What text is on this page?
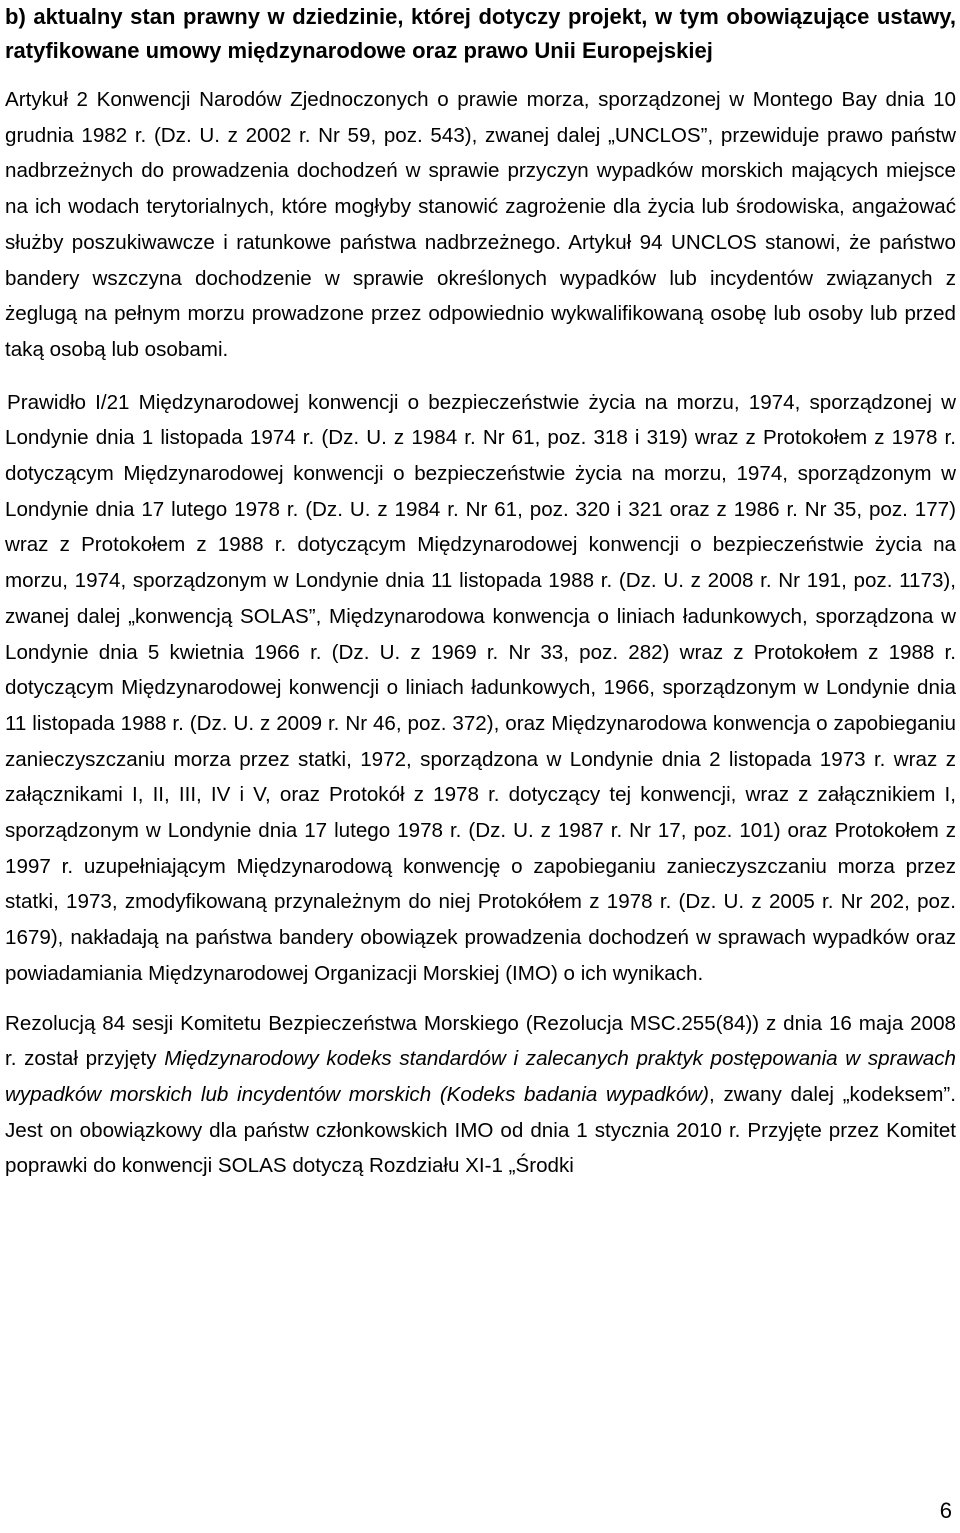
b) aktualny stan prawny w dziedzinie, której dotyczy projekt, w tym obowiązujące ustawy, ratyfikowane umowy międzynarodowe oraz prawo Unii Europejskiej

Artykuł 2 Konwencji Narodów Zjednoczonych o prawie morza, sporządzonej w Montego Bay dnia 10 grudnia 1982 r. (Dz. U. z 2002 r. Nr 59, poz. 543), zwanej dalej „UNCLOS”, przewiduje prawo państw nadbrzeżnych do prowadzenia dochodzeń w sprawie przyczyn wypadków morskich mających miejsce na ich wodach terytorialnych, które mogłyby stanowić zagrożenie dla życia lub środowiska, angażować służby poszukiwawcze i ratunkowe państwa nadbrzeżnego. Artykuł 94 UNCLOS stanowi, że państwo bandery wszczyna dochodzenie w sprawie określonych wypadków lub incydentów związanych z żeglugą na pełnym morzu prowadzone przez odpowiednio wykwalifikowaną osobę lub osoby lub przed taką osobą lub osobami.

Prawidło I/21 Międzynarodowej konwencji o bezpieczeństwie życia na morzu, 1974, sporządzonej w Londynie dnia 1 listopada 1974 r. (Dz. U. z 1984 r. Nr 61, poz. 318 i 319) wraz z Protokołem z 1978 r. dotyczącym Międzynarodowej konwencji o bezpieczeństwie życia na morzu, 1974, sporządzonym w Londynie dnia 17 lutego 1978 r. (Dz. U. z 1984 r. Nr 61, poz. 320 i 321 oraz z 1986 r. Nr 35, poz. 177) wraz z Protokołem z 1988 r. dotyczącym Międzynarodowej konwencji o bezpieczeństwie życia na morzu, 1974, sporządzonym w Londynie dnia 11 listopada 1988 r. (Dz. U. z 2008 r. Nr 191, poz. 1173), zwanej dalej „konwencją SOLAS”, Międzynarodowa konwencja o liniach ładunkowych, sporządzona w Londynie dnia 5 kwietnia 1966 r. (Dz. U. z 1969 r. Nr 33, poz. 282) wraz z Protokołem z 1988 r. dotyczącym Międzynarodowej konwencji o liniach ładunkowych, 1966, sporządzonym w Londynie dnia 11 listopada 1988 r. (Dz. U. z 2009 r. Nr 46, poz. 372), oraz Międzynarodowa konwencja o zapobieganiu zanieczyszczaniu morza przez statki, 1972, sporządzona w Londynie dnia 2 listopada 1973 r. wraz z załącznikami I, II, III, IV i V, oraz Protokół z 1978 r. dotyczący tej konwencji, wraz z załącznikiem I, sporządzonym w Londynie dnia 17 lutego 1978 r. (Dz. U. z 1987 r. Nr 17, poz. 101) oraz Protokołem z 1997 r. uzupełniającym Międzynarodową konwencję o zapobieganiu zanieczyszczaniu morza przez statki, 1973, zmodyfikowaną przynależnym do niej Protokółem z 1978 r. (Dz. U. z 2005 r. Nr 202, poz. 1679), nakładają na państwa bandery obowiązek prowadzenia dochodzeń w sprawach wypadków oraz powiadamiania Międzynarodowej Organizacji Morskiej (IMO) o ich wynikach.

Rezolucją 84 sesji Komitetu Bezpieczeństwa Morskiego (Rezolucja MSC.255(84)) z dnia 16 maja 2008 r. został przyjęty Międzynarodowy kodeks standardów i zalecanych praktyk postępowania w sprawach wypadków morskich lub incydentów morskich (Kodeks badania wypadków), zwany dalej „kodeksem”. Jest on obowiązkowy dla państw członkowskich IMO od dnia 1 stycznia 2010 r. Przyjęte przez Komitet poprawki do konwencji SOLAS dotyczą Rozdziału XI-1 „Środki

6
